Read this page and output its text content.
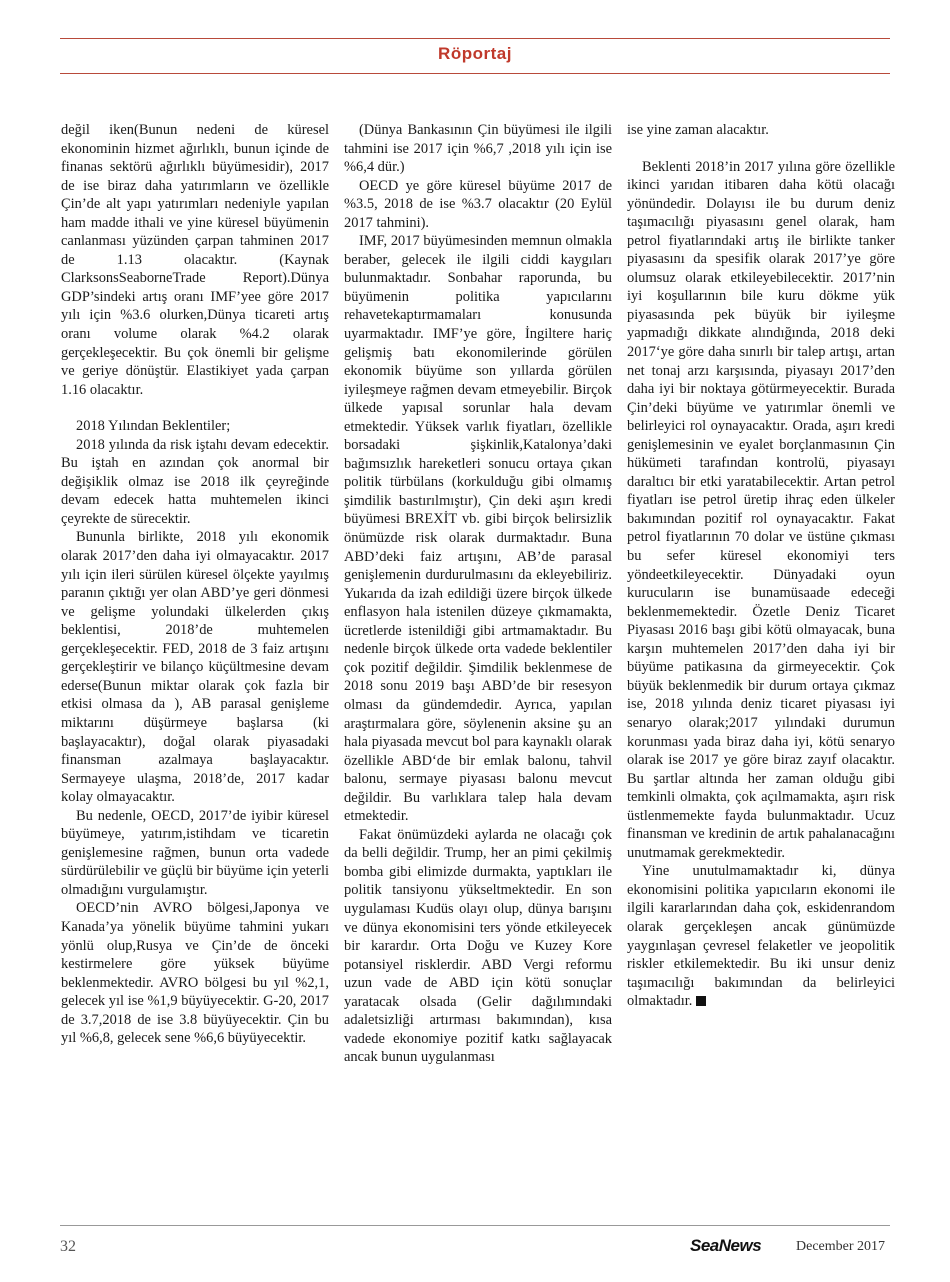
Röportaj

değil iken(Bunun nedeni de küresel ekonominin hizmet ağırlıklı, bunun içinde de finanas sektörü ağırlıklı büyümesidir), 2017 de ise biraz daha yatırımların ve özellikle Çin’de alt yapı yatırımları nedeniyle yapılan ham madde ithali ve yine küresel büyümenin canlanması yüzünden çarpan tahminen 2017 de 1.13 olacaktır. (Kaynak ClarksonsSeaborneTrade Report).Dünya GDP’sindeki artış oranı IMF’yee göre 2017 yılı için %3.6 olurken,Dünya ticareti artış oranı volume olarak %4.2 olarak gerçekleşecektir. Bu çok önemli bir gelişme ve geriye dönüştür. Elastikiyet yada çarpan 1.16 olacaktır.

2018 Yılından Beklentiler;

2018 yılında da risk iştahı devam edecektir. Bu iştah en azından çok anormal bir değişiklik olmaz ise 2018 ilk çeyreğinde devam edecek hatta muhtemelen ikinci çeyrekte de sürecektir.

Bununla birlikte, 2018 yılı ekonomik olarak 2017’den daha iyi olmayacaktır. 2017 yılı için ileri sürülen küresel ölçekte yayılmış paranın çıktığı yer olan ABD’ye geri dönmesi ve gelişme yolundaki ülkelerden çıkış beklentisi, 2018’de muhtemelen gerçekleşecektir. FED, 2018 de 3 faiz artışını gerçekleştirir ve bilanço küçültmesine devam ederse(Bunun miktar olarak çok fazla bir etkisi olmasa da ), AB parasal genişleme miktarını düşürmeye başlarsa (ki başlayacaktır), doğal olarak piyasadaki finansman azalmaya başlayacaktır. Sermayeye ulaşma, 2018’de, 2017 kadar kolay olmayacaktır.

Bu nedenle, OECD, 2017’de iyibir küresel büyümeye, yatırım,istihdam ve ticaretin genişlemesine rağmen, bunun orta vadede sürdürülebilir ve güçlü bir büyüme için yeterli olmadığını vurgulamıştır.

OECD’nin AVRO bölgesi,Japonya ve Kanada’ya yönelik büyüme tahmini yukarı yönlü olup,Rusya ve Çin’de de önceki kestirmelere göre yüksek büyüme beklenmektedir. AVRO bölgesi bu yıl %2,1, gelecek yıl ise %1,9 büyüyecektir. G-20, 2017 de 3.7,2018 de ise 3.8 büyüyecektir. Çin bu yıl %6,8, gelecek sene %6,6 büyüyecektir.

(Dünya Bankasının Çin büyümesi ile ilgili tahmini ise 2017 için %6,7 ,2018 yılı için ise %6,4 dür.)

OECD ye göre küresel büyüme 2017 de %3.5, 2018 de ise %3.7 olacaktır (20 Eylül 2017 tahmini).

IMF, 2017 büyümesinden memnun olmakla beraber, gelecek ile ilgili ciddi kaygıları bulunmaktadır. Sonbahar raporunda, bu büyümenin politika yapıcılarını rehavetekaptırmamaları konusunda uyarmaktadır. IMF’ye göre, İngiltere hariç gelişmiş batı ekonomilerinde görülen ekonomik büyüme son yıllarda görülen iyileşmeye rağmen devam etmeyebilir. Birçok ülkede yapısal sorunlar hala devam etmektedir. Yüksek varlık fiyatları, özellikle borsadaki şişkinlik,Katalonya’daki bağımsızlık hareketleri sonucu ortaya çıkan politik türbülans (korkulduğu gibi olmamış şimdilik bastırılmıştır), Çin deki aşırı kredi büyümesi BREXİT vb. gibi birçok belirsizlik önümüzde risk olarak durmaktadır. Buna ABD’deki faiz artışını, AB’de parasal genişlemenin durdurulmasını da ekleyebiliriz. Yukarıda da izah edildiği üzere birçok ülkede enflasyon hala istenilen düzeye çıkmamakta, ücretlerde istenildiği gibi artmamaktadır. Bu nedenle birçok ülkede orta vadede beklentiler çok pozitif değildir. Şimdilik beklenmese de 2018 sonu 2019 başı ABD’de bir resesyon olması da gündemdedir. Ayrıca, yapılan araştırmalara göre, söylenenin aksine şu an hala piyasada mevcut bol para kaynaklı olarak özellikle ABD‘de bir emlak balonu, tahvil balonu, sermaye piyasası balonu mevcut değildir. Bu varlıklara talep hala devam etmektedir.

Fakat önümüzdeki aylarda ne olacağı çok da belli değildir. Trump, her an pimi çekilmiş bomba gibi elimizde durmakta, yaptıkları ile politik tansiyonu yükseltmektedir. En son uygulaması Kudüs olayı olup, dünya barışını ve dünya ekonomisini ters yönde etkileyecek bir karardır. Orta Doğu ve Kuzey Kore potansiyel risklerdir. ABD Vergi reformu uzun vade de ABD için kötü sonuçlar yaratacak olsada (Gelir dağılımındaki adaletsizliği artırması bakımından), kısa vadede ekonomiye pozitif katkı sağlayacak ancak bunun uygulanması

ise yine zaman alacaktır.

Beklenti 2018’in 2017 yılına göre özellikle ikinci yarıdan itibaren daha kötü olacağı yönündedir. Dolayısı ile bu durum deniz taşımacılığı piyasasını genel olarak, ham petrol fiyatlarındaki artış ile birlikte tanker piyasasını da spesifik olarak 2017’ye göre olumsuz olarak etkileyebilecektir. 2017’nin iyi koşullarının bile kuru dökme yük piyasasında pek büyük bir iyileşme yapmadığı dikkate alındığında, 2018 deki 2017‘ye göre daha sınırlı bir talep artışı, artan net tonaj arzı karşısında, piyasayı 2017’den daha iyi bir noktaya götürmeyecektir. Burada Çin’deki büyüme ve yatırımlar önemli ve belirleyici rol oynayacaktır. Orada, aşırı kredi genişlemesinin ve eyalet borçlanmasının Çin hükümeti tarafından kontrolü, piyasayı daraltıcı bir etki yaratabilecektir. Artan petrol fiyatları ise petrol üretip ihraç eden ülkeler bakımından pozitif rol oynayacaktır. Fakat petrol fiyatlarının 70 dolar ve üstüne çıkması bu sefer küresel ekonomiyi ters yöndeetkileyecektir. Dünyadaki oyun kurucuların ise bunamüsaade edeceği beklenmemektedir. Özetle Deniz Ticaret Piyasası 2016 başı gibi kötü olmayacak, buna karşın muhtemelen 2017’den daha iyi bir büyüme patikasına da girmeyecektir. Çok büyük beklenmedik bir durum ortaya çıkmaz ise, 2018 yılında deniz ticaret piyasası iyi senaryo olarak;2017 yılındaki durumun korunması yada biraz daha iyi, kötü senaryo olarak ise 2017 ye göre biraz zayıf olacaktır. Bu şartlar altında her zaman olduğu gibi temkinli olmakta, çok açılmamakta, aşırı risk üstlenmemekte fayda bulunmaktadır. Ucuz finansman ve kredinin de artık pahalanacağını unutmamak gerekmektedir.

Yine unutulmamaktadır ki, dünya ekonomisini politika yapıcıların ekonomi ile ilgili kararlarından daha çok, eskidenrandom olarak gerçekleşen ancak günümüzde yaygınlaşan çevresel felaketler ve jeopolitik riskler etkilemektedir. Bu iki unsur deniz taşımacılığı bakımından da belirleyici olmaktadır.

32	SeaNews December 2017
